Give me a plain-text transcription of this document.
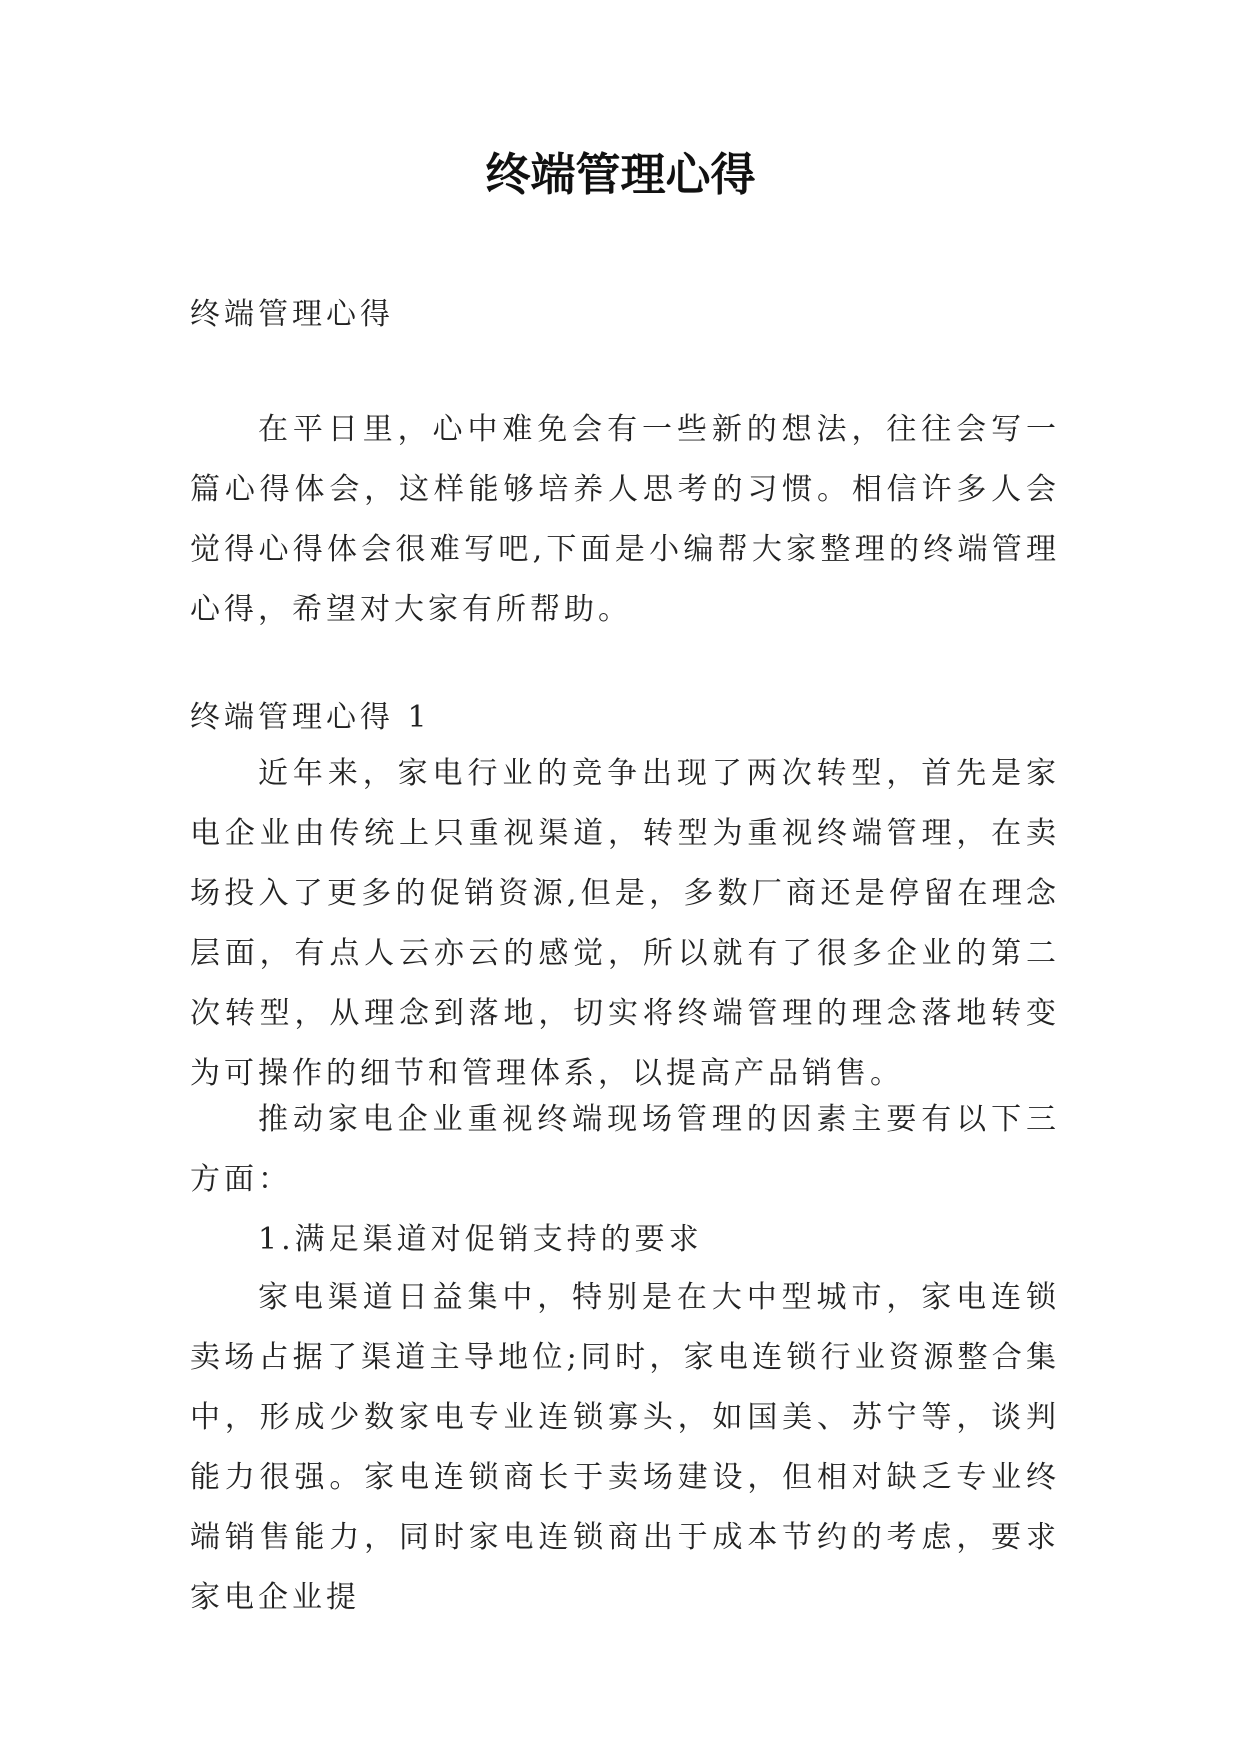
终端管理心得

终端管理心得

在平日里，心中难免会有一些新的想法，往往会写一篇心得体会，这样能够培养人思考的习惯。相信许多人会觉得心得体会很难写吧,下面是小编帮大家整理的终端管理心得，希望对大家有所帮助。

终端管理心得 1

近年来，家电行业的竞争出现了两次转型，首先是家电企业由传统上只重视渠道，转型为重视终端管理，在卖场投入了更多的促销资源,但是，多数厂商还是停留在理念层面，有点人云亦云的感觉，所以就有了很多企业的第二次转型，从理念到落地，切实将终端管理的理念落地转变为可操作的细节和管理体系，以提高产品销售。

推动家电企业重视终端现场管理的因素主要有以下三方面：

1.满足渠道对促销支持的要求

家电渠道日益集中，特别是在大中型城市，家电连锁卖场占据了渠道主导地位;同时，家电连锁行业资源整合集中，形成少数家电专业连锁寡头，如国美、苏宁等，谈判能力很强。家电连锁商长于卖场建设，但相对缺乏专业终端销售能力，同时家电连锁商出于成本节约的考虑，要求家电企业提
